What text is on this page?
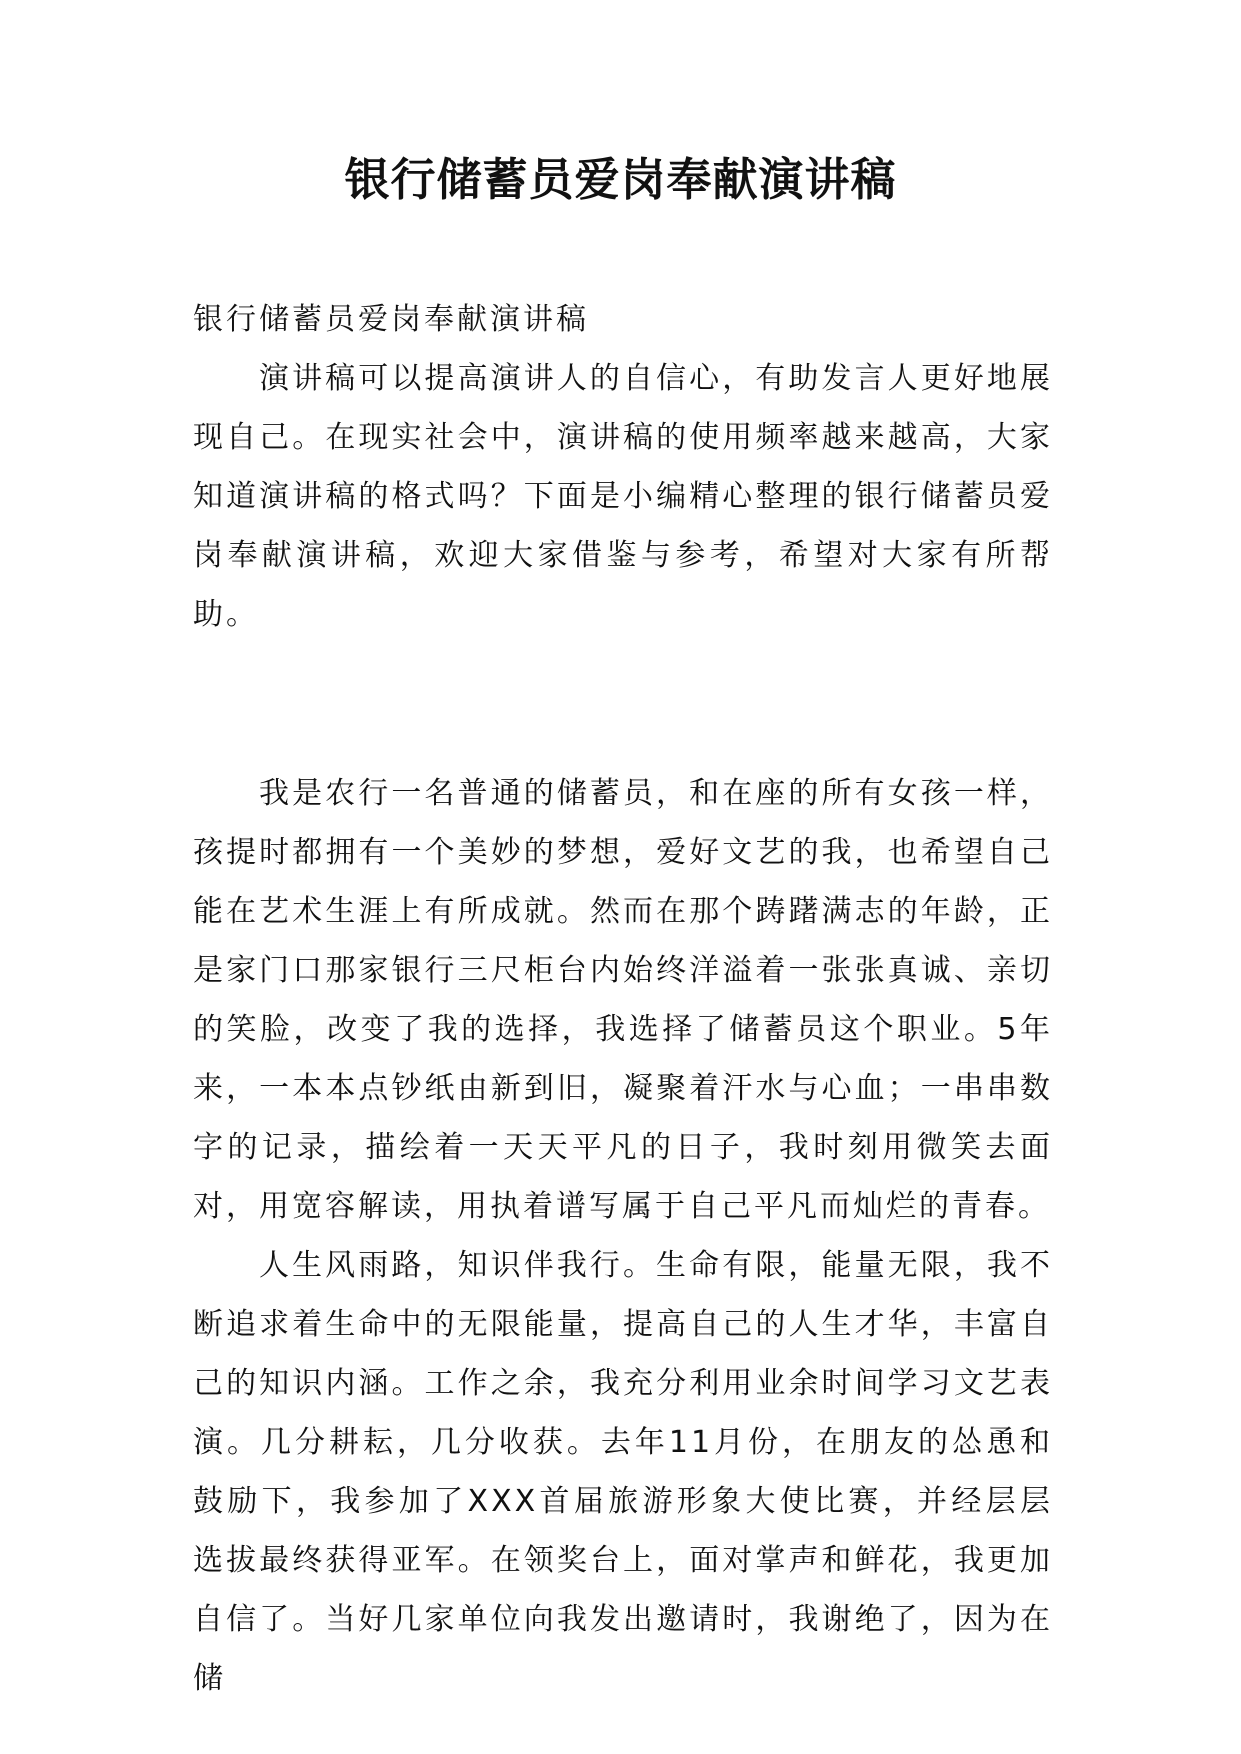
银行储蓄员爱岗奉献演讲稿

银行储蓄员爱岗奉献演讲稿

演讲稿可以提高演讲人的自信心，有助发言人更好地展现自己。在现实社会中，演讲稿的使用频率越来越高，大家知道演讲稿的格式吗？下面是小编精心整理的银行储蓄员爱岗奉献演讲稿，欢迎大家借鉴与参考，希望对大家有所帮助。

我是农行一名普通的储蓄员，和在座的所有女孩一样，孩提时都拥有一个美妙的梦想，爱好文艺的我，也希望自己能在艺术生涯上有所成就。然而在那个踌躇满志的年龄，正是家门口那家银行三尺柜台内始终洋溢着一张张真诚、亲切的笑脸，改变了我的选择，我选择了储蓄员这个职业。5年来，一本本点钞纸由新到旧，凝聚着汗水与心血；一串串数字的记录，描绘着一天天平凡的日子，我时刻用微笑去面对，用宽容解读，用执着谱写属于自己平凡而灿烂的青春。

人生风雨路，知识伴我行。生命有限，能量无限，我不断追求着生命中的无限能量，提高自己的人生才华，丰富自己的知识内涵。工作之余，我充分利用业余时间学习文艺表演。几分耕耘，几分收获。去年11月份，在朋友的怂恿和鼓励下，我参加了XXX首届旅游形象大使比赛，并经层层选拔最终获得亚军。在领奖台上，面对掌声和鲜花，我更加自信了。当好几家单位向我发出邀请时，我谢绝了，因为在储
